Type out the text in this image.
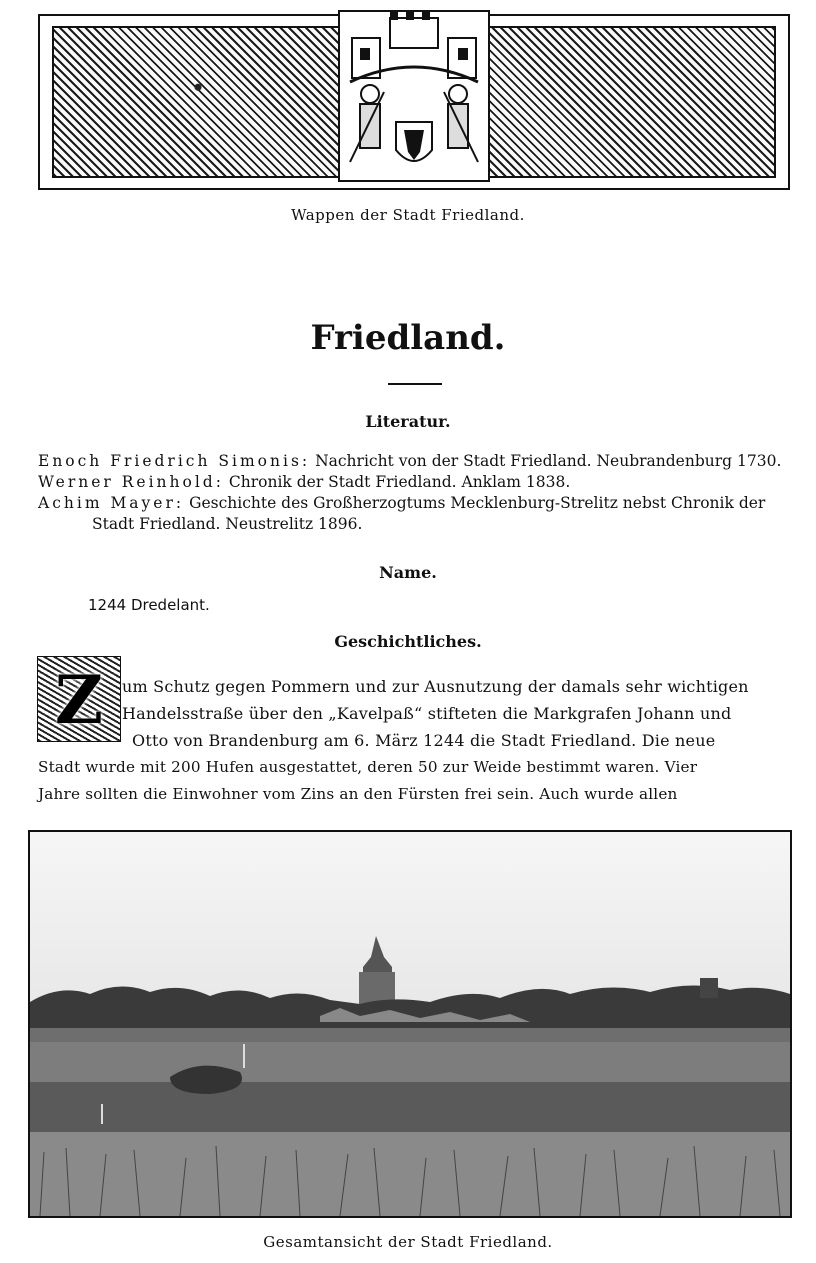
Wappen der Stadt Friedland.
Friedland.
Literatur.
Enoch Friedrich Simonis: Nachricht von der Stadt Friedland. Neubrandenburg 1730.
Werner Reinhold: Chronik der Stadt Friedland. Anklam 1838.
Achim Mayer: Geschichte des Großherzogtums Mecklenburg-Strelitz nebst Chronik der
Stadt Friedland. Neustrelitz 1896.
Name.
1244 Dredelant.
Geschichtliches.
Z	um Schutz gegen Pommern und zur Ausnutzung der damals sehr wichtigen
Handelsstraße über den „Kavelpaß“ stifteten die Markgrafen Johann und
Otto von Brandenburg am 6. März 1244 die Stadt Friedland. Die neue
Stadt wurde mit 200 Hufen ausgestattet, deren 50 zur Weide bestimmt waren. Vier
Jahre sollten die Einwohner vom Zins an den Fürsten frei sein. Auch wurde allen
Gesamtansicht der Stadt Friedland.
